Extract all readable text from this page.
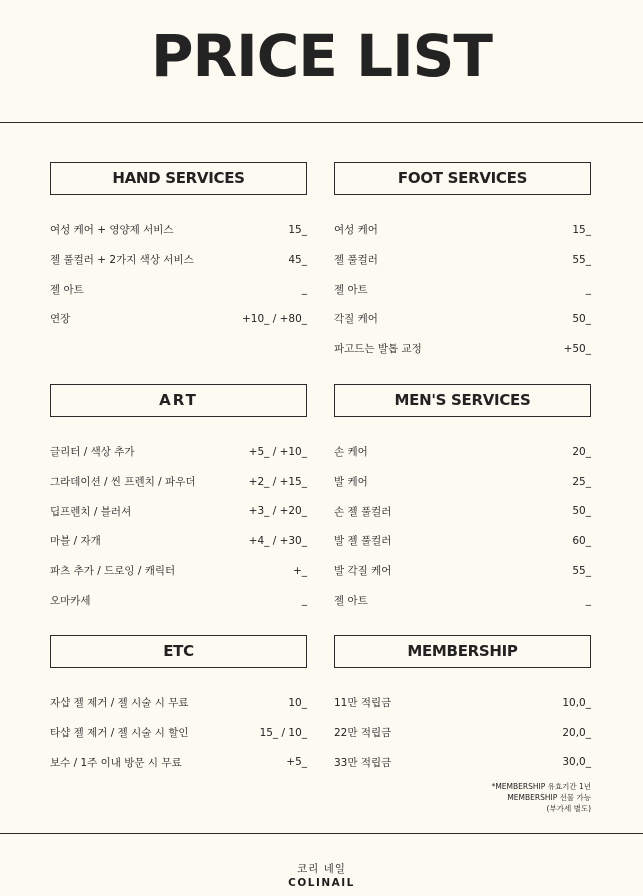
PRICE LIST
HAND SERVICES
여성 케어 + 영양제 서비스	15_
젤 풀컬러 + 2가지 색상 서비스	45_
젤 아트	_
연장	+10_ / +80_
FOOT SERVICES
여성 케어	15_
젤 풀컬러	55_
젤 아트	_
각질 케어	50_
파고드는 발톱 교정	+50_
ART
글리터 / 색상 추가	+5_ / +10_
그라데이션 / 씬 프렌치 / 파우더	+2_ / +15_
딥프렌치 / 블러셔	+3_ / +20_
마블 / 자개	+4_ / +30_
파츠 추가 / 드로잉 / 캐릭터	+_
오마카세	_
MEN'S SERVICES
손 케어	20_
발 케어	25_
손 젤 풀컬러	50_
발 젤 풀컬러	60_
발 각질 케어	55_
젤 아트	_
ETC
자샵 젤 제거 / 젤 시술 시 무료	10_
타샵 젤 제거 / 젤 시술 시 할인	15_ / 10_
보수 / 1주 이내 방문 시 무료	+5_
MEMBERSHIP
11만 적립금	10,0_
22만 적립금	20,0_
33만 적립금	30,0_
*MEMBERSHIP 유효기간 1년
MEMBERSHIP 선물 가능
(부가세 별도)
코리 네일
COLINAIL
